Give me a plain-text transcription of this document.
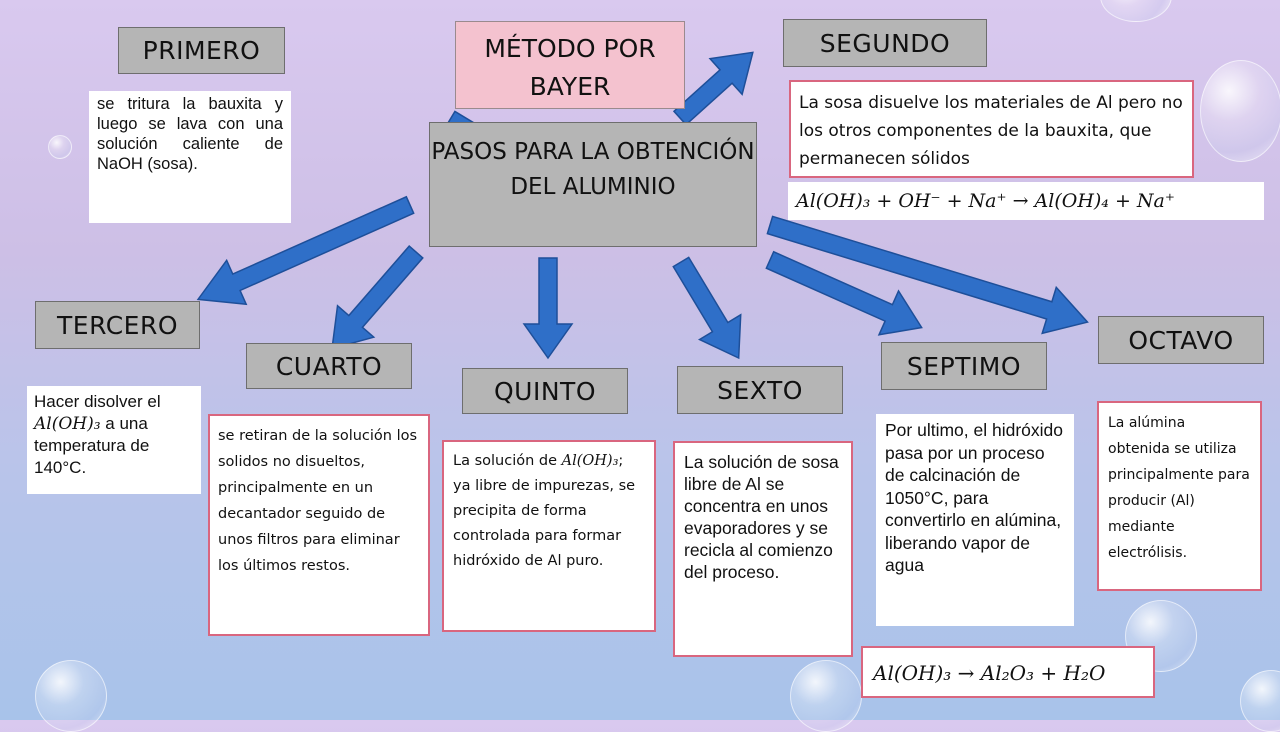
MÉTODO POR BAYER
PASOS PARA LA OBTENCIÓN DEL ALUMINIO
PRIMERO	SEGUNDO
TERCERO
CUARTO
QUINTO	SEXTO
SEPTIMO
OCTAVO
se tritura la bauxita y luego se lava con una solución caliente de NaOH (sosa).
La sosa disuelve los materiales de Al pero no los otros componentes de la bauxita, que permanecen sólidos
Al(OH)₃ + OH⁻ + Na⁺ → Al(OH)₄ + Na⁺
Hacer disolver el Al(OH)₃ a una temperatura de 140°C.
se retiran de la solución los solidos no disueltos, principalmente en un decantador seguido de unos filtros para eliminar los últimos restos.
La solución de Al(OH)₃; ya libre de impurezas, se precipita de forma controlada para formar hidróxido de Al puro.
La solución de sosa libre de Al se concentra en unos evaporadores y se recicla al comienzo del proceso.
Por ultimo, el hidróxido pasa por un proceso de calcinación de 1050°C, para convertirlo en alúmina, liberando vapor de agua
Al(OH)₃ → Al₂O₃ + H₂O
La alúmina obtenida se utiliza principalmente para producir (Al) mediante electrólisis.
